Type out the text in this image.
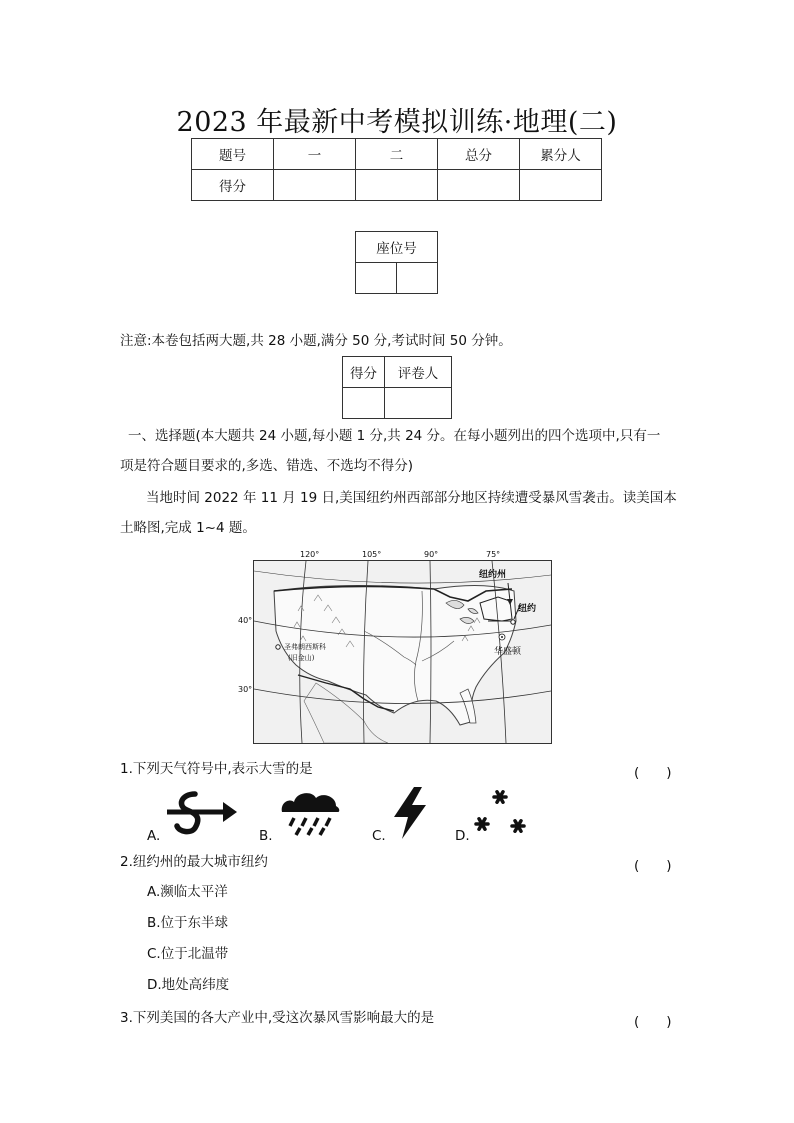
2023 年最新中考模拟训练·地理(二)
题号	一	二	总分	累分人
得分				
座位号

注意:本卷包括两大题,共 28 小题,满分 50 分,考试时间 50 分钟。
得分	评卷人

一、选择题(本大题共 24 小题,每小题 1 分,共 24 分。在每小题列出的四个选项中,只有一
项是符合题目要求的,多选、错选、不选均不得分)
当地时间 2022 年 11 月 19 日,美国纽约州西部部分地区持续遭受暴风雪袭击。读美国本
土略图,完成 1~4 题。
120°	105°	90°	75°
40°
30°
纽约州
纽约
圣弗朗西斯科
(旧金山)
华盛顿
1.下列天气符号中,表示大雪的是	(　　)
A.	B.	C.	D.
2.纽约州的最大城市纽约	(　　)
A.濒临太平洋
B.位于东半球
C.位于北温带
D.地处高纬度
3.下列美国的各大产业中,受这次暴风雪影响最大的是	(　　)
